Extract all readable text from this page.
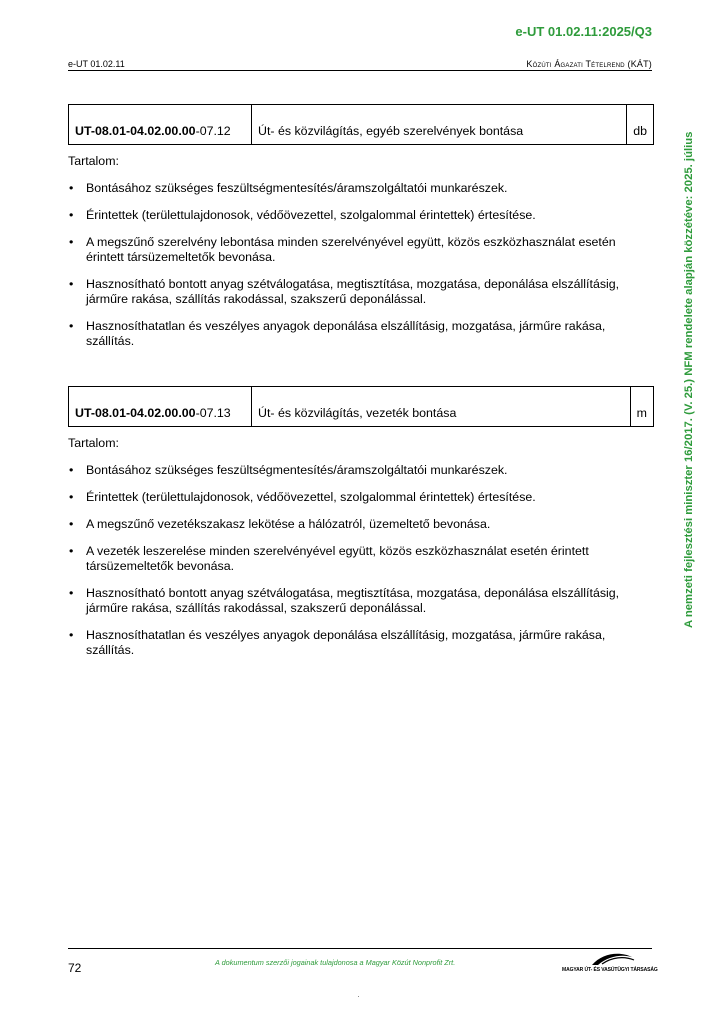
e-UT 01.02.11:2025/Q3
e-UT 01.02.11	Közúti Ágazati Tételrend (KÁT)
A nemzeti fejlesztési miniszter 16/2017. (V. 25.) NFM rendelete alapján közzétéve: 2025. július
UT-08.01-04.02.00.00-07.12	Út- és közvilágítás, egyéb szerelvények bontása	db
Tartalom:
• Bontásához szükséges feszültségmentesítés/áramszolgáltatói munkarészek.
• Érintettek (területtulajdonosok, védőövezettel, szolgalommal érintettek) értesítése.
• A megszűnő szerelvény lebontása minden szerelvényével együtt, közös eszközhasználat esetén érintett társüzemeltetők bevonása.
• Hasznosítható bontott anyag szétválogatása, megtisztítása, mozgatása, deponálása elszállításig, járműre rakása, szállítás rakodással, szakszerű deponálással.
• Hasznosíthatatlan és veszélyes anyagok deponálása elszállításig, mozgatása, járműre rakása, szállítás.
UT-08.01-04.02.00.00-07.13	Út- és közvilágítás, vezeték bontása	m
Tartalom:
• Bontásához szükséges feszültségmentesítés/áramszolgáltatói munkarészek.
• Érintettek (területtulajdonosok, védőövezettel, szolgalommal érintettek) értesítése.
• A megszűnő vezetékszakasz lekötése a hálózatról, üzemeltető bevonása.
• A vezeték leszerelése minden szerelvényével együtt, közös eszközhasználat esetén érintett társüzemeltetők bevonása.
• Hasznosítható bontott anyag szétválogatása, megtisztítása, mozgatása, deponálása elszállításig, járműre rakása, szállítás rakodással, szakszerű deponálással.
• Hasznosíthatatlan és veszélyes anyagok deponálása elszállításig, mozgatása, járműre rakása, szállítás.
72	A dokumentum szerzői jogainak tulajdonosa a Magyar Közút Nonprofit Zrt.
MAGYAR ÚT- ÉS VASÚTÜGYI TÁRSASÁG
